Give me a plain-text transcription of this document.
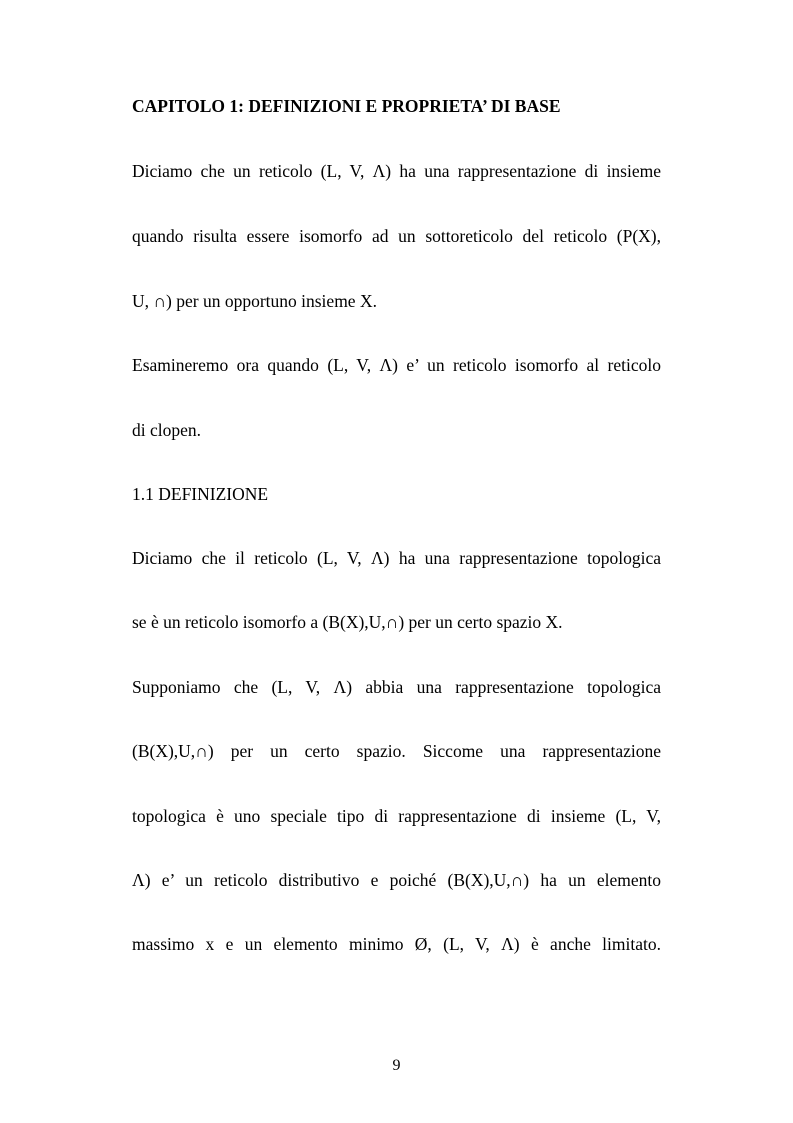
CAPITOLO 1: DEFINIZIONI E PROPRIETA’ DI BASE
Diciamo che un reticolo (L, V, Λ) ha una rappresentazione di insieme
quando risulta essere isomorfo ad un sottoreticolo del reticolo (P(X),
U, ∩) per un opportuno insieme X.
Esamineremo ora quando (L, V, Λ) e’ un reticolo isomorfo al reticolo
di clopen.
1.1 DEFINIZIONE
Diciamo che il reticolo (L, V, Λ) ha una rappresentazione topologica
se è un reticolo isomorfo a (B(X),U,∩) per un certo spazio X.
Supponiamo che (L, V, Λ) abbia una rappresentazione topologica
(B(X),U,∩) per un certo spazio. Siccome una rappresentazione
topologica è uno speciale tipo di rappresentazione di insieme (L, V,
Λ) e’ un reticolo distributivo e poiché (B(X),U,∩) ha un elemento
massimo x e un elemento minimo Ø, (L, V, Λ) è anche limitato.
9
